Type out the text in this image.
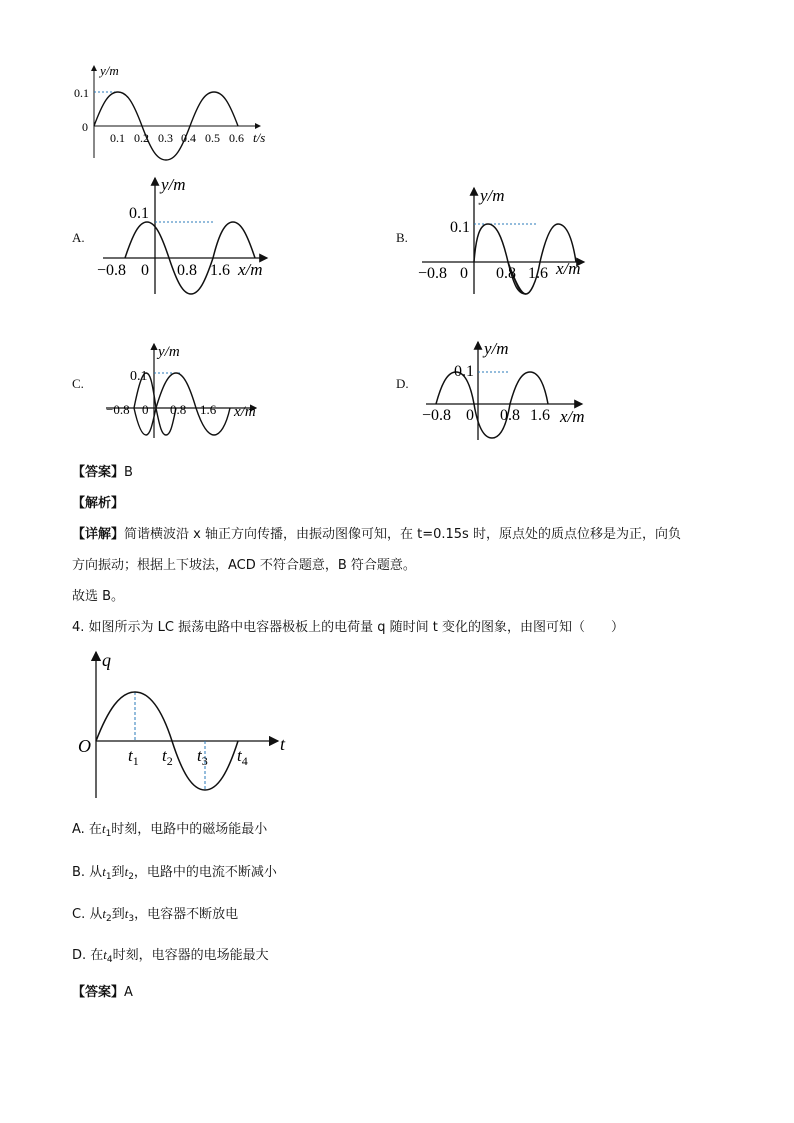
y/m
0.1
0
0.1 0.2 0.3 0.4 0.5 0.6 t/s
A.
y/m
0.1
−0.8 0 0.8 1.6 x/m
B.
y/m
0.1
−0.8 0 0.8 1.6 x/m
C.
y/m
0.1
−0.8 0 0.8 1.6 x/m
D.
y/m
0.1
−0.8 0 0.8 1.6 x/m
【答案】B
【解析】
【详解】简谐横波沿 x 轴正方向传播，由振动图像可知，在 t=0.15s 时，原点处的质点位移是为正，向负
方向振动；根据上下坡法，ACD 不符合题意，B 符合题意。
故选 B。
4. 如图所示为 LC 振荡电路中电容器极板上的电荷量 q 随时间 t 变化的图象，由图可知（　　）
q
O	t
$t_1$ $t_2$ $t_3$ $t_4$
A. 在$t_1$时刻，电路中的磁场能最小
B. 从$t_1$到$t_2$，电路中的电流不断减小
C. 从$t_2$到$t_3$，电容器不断放电
D. 在$t_4$时刻，电容器的电场能最大
【答案】A
